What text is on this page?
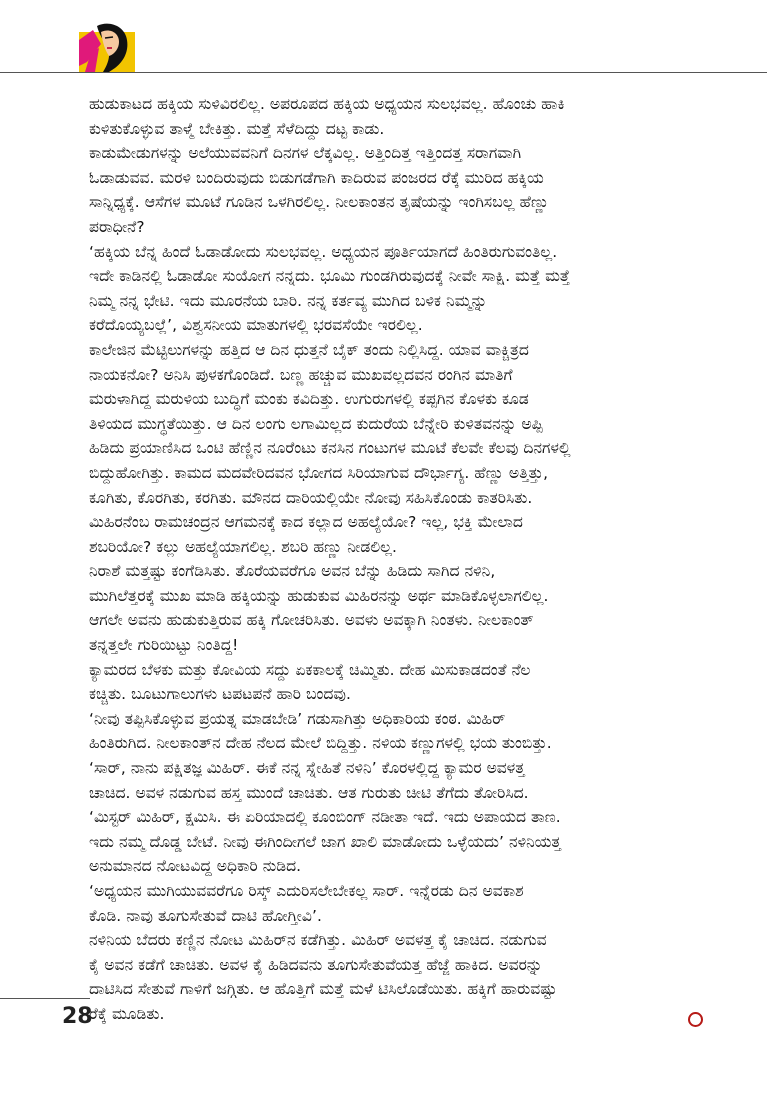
ಹುಡುಕಾಟದ ಹಕ್ಕಿಯ ಸುಳಿವಿರಲಿಲ್ಲ. ಅಪರೂಪದ ಹಕ್ಕಿಯ ಅಧ್ಯಯನ ಸುಲಭವಲ್ಲ. ಹೊಂಚು ಹಾಕಿ
ಕುಳಿತುಕೊಳ್ಳುವ ತಾಳ್ಮೆ ಬೇಕಿತ್ತು. ಮತ್ತೆ ಸೆಳೆದಿದ್ದು ದಟ್ಟ ಕಾಡು.

ಕಾಡುಮೇಡುಗಳನ್ನು ಅಲೆಯುವವನಿಗೆ ದಿನಗಳ ಲೆಕ್ಕವಿಲ್ಲ. ಅತ್ತಿಂದಿತ್ತ ಇತ್ತಿಂದತ್ತ ಸರಾಗವಾಗಿ
ಓಡಾಡುವವ. ಮರಳಿ ಬಂದಿರುವುದು ಬಿಡುಗಡೆಗಾಗಿ ಕಾದಿರುವ ಪಂಜರದ ರೆಕ್ಕೆ ಮುರಿದ ಹಕ್ಕಿಯ
ಸಾನ್ನಿಧ್ಯಕ್ಕೆ. ಆಸೆಗಳ ಮೂಟೆ ಗೂಡಿನ ಒಳಗಿರಲಿಲ್ಲ. ನೀಲಕಾಂತನ ತೃಷೆಯನ್ನು ಇಂಗಿಸಬಲ್ಲ ಹೆಣ್ಣು
ಪರಾಧೀನೆ?

‘ಹಕ್ಕಿಯ ಬೆನ್ನ ಹಿಂದೆ ಓಡಾಡೋದು ಸುಲಭವಲ್ಲ. ಅಧ್ಯಯನ ಪೂರ್ತಿಯಾಗದೆ ಹಿಂತಿರುಗುವಂತಿಲ್ಲ.
ಇದೇ ಕಾಡಿನಲ್ಲಿ ಓಡಾಡೋ ಸುಯೋಗ ನನ್ನದು. ಭೂಮಿ ಗುಂಡಗಿರುವುದಕ್ಕೆ ನೀವೇ ಸಾಕ್ಷಿ. ಮತ್ತೆ ಮತ್ತೆ
ನಿಮ್ಮ ನನ್ನ ಭೇಟಿ. ಇದು ಮೂರನೆಯ ಬಾರಿ. ನನ್ನ ಕರ್ತವ್ಯ ಮುಗಿದ ಬಳಿಕ ನಿಮ್ಮನ್ನು
ಕರೆದೊಯ್ಯಬಲ್ಲೆ’, ವಿಶ್ವಸನೀಯ ಮಾತುಗಳಲ್ಲಿ ಭರವಸೆಯೇ ಇರಲಿಲ್ಲ.

ಕಾಲೇಜಿನ ಮೆಟ್ಟಿಲುಗಳನ್ನು ಹತ್ತಿದ ಆ ದಿನ ಧುತ್ತನೆ ಬೈಕ್ ತಂದು ನಿಲ್ಲಿಸಿದ್ದ. ಯಾವ ವಾಕ್ಚಿತ್ರದ
ನಾಯಕನೋ? ಅನಿಸಿ ಪುಳಕಗೊಂಡಿದೆ. ಬಣ್ಣ ಹಚ್ಚುವ ಮುಖವಲ್ಲದವನ ರಂಗಿನ ಮಾತಿಗೆ
ಮರುಳಾಗಿದ್ದ ಮರುಳಿಯ ಬುದ್ಧಿಗೆ ಮಂಕು ಕವಿದಿತ್ತು. ಉಗುರುಗಳಲ್ಲಿ ಕಪ್ಪಗಿನ ಕೊಳಕು ಕೂಡ
ತಿಳಿಯದ ಮುಗ್ಧತೆಯಿತ್ತು. ಆ ದಿನ ಲಂಗು ಲಗಾಮಿಲ್ಲದ ಕುದುರೆಯ ಬೆನ್ನೇರಿ ಕುಳಿತವನನ್ನು ಅಪ್ಪಿ
ಹಿಡಿದು ಪ್ರಯಾಣಿಸಿದ ಒಂಟಿ ಹೆಣ್ಣಿನ ನೂರೆಂಟು ಕನಸಿನ ಗಂಟುಗಳ ಮೂಟೆ ಕೆಲವೇ ಕೆಲವು ದಿನಗಳಲ್ಲಿ
ಬಿದ್ದುಹೋಗಿತ್ತು. ಕಾಮದ ಮದವೇರಿದವನ ಭೋಗದ ಸಿರಿಯಾಗುವ ದೌರ್ಭಾಗ್ಯ. ಹೆಣ್ಣು ಅತ್ತಿತ್ತು,
ಕೂಗಿತು, ಕೊರಗಿತು, ಕರಗಿತು. ಮೌನದ ದಾರಿಯಲ್ಲಿಯೇ ನೋವು ಸಹಿಸಿಕೊಂಡು ಕಾತರಿಸಿತು.
ಮಿಹಿರನೆಂಬ ರಾಮಚಂದ್ರನ ಆಗಮನಕ್ಕೆ ಕಾದ ಕಲ್ಲಾದ ಅಹಲ್ಯೆಯೋ? ಇಲ್ಲ, ಭಕ್ತಿ ಮೇಲಾದ
ಶಬರಿಯೋ? ಕಲ್ಲು ಅಹಲ್ಯೆಯಾಗಲಿಲ್ಲ. ಶಬರಿ ಹಣ್ಣು ನೀಡಲಿಲ್ಲ.

ನಿರಾಶೆ ಮತ್ತಷ್ಟು ಕಂಗೆಡಿಸಿತು. ತೊರೆಯವರೆಗೂ ಅವನ ಬೆನ್ನು ಹಿಡಿದು ಸಾಗಿದ ನಳಿನಿ,
ಮುಗಿಲೆತ್ತರಕ್ಕೆ ಮುಖ ಮಾಡಿ ಹಕ್ಕಿಯನ್ನು ಹುಡುಕುವ ಮಿಹಿರನನ್ನು ಅರ್ಥ ಮಾಡಿಕೊಳ್ಳಲಾಗಲಿಲ್ಲ.

ಆಗಲೇ ಅವನು ಹುಡುಕುತ್ತಿರುವ ಹಕ್ಕಿ ಗೋಚರಿಸಿತು. ಅವಳು ಅವಕ್ಕಾಗಿ ನಿಂತಳು. ನೀಲಕಾಂತ್
ತನ್ನತ್ತಲೇ ಗುರಿಯಿಟ್ಟು ನಿಂತಿದ್ದ!

ಕ್ಯಾಮರದ ಬೆಳಕು ಮತ್ತು ಕೋವಿಯ ಸದ್ದು ಏಕಕಾಲಕ್ಕೆ ಚಿಮ್ಮಿತು. ದೇಹ ಮಿಸುಕಾಡದಂತೆ ನೆಲ
ಕಚ್ಚಿತು. ಬೂಟುಗಾಲುಗಳು ಟಪಟಪನೆ ಹಾರಿ ಬಂದವು.

‘ನೀವು ತಪ್ಪಿಸಿಕೊಳ್ಳುವ ಪ್ರಯತ್ನ ಮಾಡಬೇಡಿ’ ಗಡುಸಾಗಿತ್ತು ಅಧಿಕಾರಿಯ ಕಂಠ. ಮಿಹಿರ್
ಹಿಂತಿರುಗಿದ. ನೀಲಕಾಂತ್‌ನ ದೇಹ ನೆಲದ ಮೇಲೆ ಬಿದ್ದಿತ್ತು. ನಳಿಯ ಕಣ್ಣುಗಳಲ್ಲಿ ಭಯ ತುಂಬಿತ್ತು.

‘ಸಾರ್, ನಾನು ಪಕ್ಷಿತಜ್ಞ ಮಿಹಿರ್. ಈಕೆ ನನ್ನ ಸ್ನೇಹಿತೆ ನಳಿನಿ’ ಕೊರಳಲ್ಲಿದ್ದ ಕ್ಯಾಮರ ಅವಳತ್ತ
ಚಾಚಿದ. ಅವಳ ನಡುಗುವ ಹಸ್ತ ಮುಂದೆ ಚಾಚಿತು. ಆತ ಗುರುತು ಚೀಟಿ ತೆಗೆದು ತೋರಿಸಿದ.

‘ಮಿಸ್ಟರ್ ಮಿಹಿರ್, ಕ್ಷಮಿಸಿ. ಈ ಏರಿಯಾದಲ್ಲಿ ಕೂಂಬಿಂಗ್ ನಡೀತಾ ಇದೆ. ಇದು ಅಪಾಯದ ತಾಣ.
ಇದು ನಮ್ಮ ದೊಡ್ಡ ಬೇಟೆ. ನೀವು ಈಗಿಂದೀಗಲೆ ಜಾಗ ಖಾಲಿ ಮಾಡೋದು ಒಳ್ಳೆಯದು’ ನಳಿನಿಯತ್ತ
ಅನುಮಾನದ ನೋಟವಿದ್ದ ಅಧಿಕಾರಿ ನುಡಿದ.

‘ಅಧ್ಯಯನ ಮುಗಿಯುವವರೆಗೂ ರಿಸ್ಕ್ ಎದುರಿಸಲೇಬೇಕಲ್ಲ ಸಾರ್. ಇನ್ನೆರಡು ದಿನ ಅವಕಾಶ
ಕೊಡಿ. ನಾವು ತೂಗುಸೇತುವೆ ದಾಟಿ ಹೋಗ್ತೀವಿ’.

ನಳಿನಿಯ ಬೆದರು ಕಣ್ಣಿನ ನೋಟ ಮಿಹಿರ್‌ನ ಕಡೆಗಿತ್ತು. ಮಿಹಿರ್ ಅವಳತ್ತ ಕೈ ಚಾಚಿದ. ನಡುಗುವ
ಕೈ ಅವನ ಕಡೆಗೆ ಚಾಚಿತು. ಅವಳ ಕೈ ಹಿಡಿದವನು ತೂಗುಸೇತುವೆಯತ್ತ ಹೆಜ್ಜೆ ಹಾಕಿದ. ಅವರನ್ನು
ದಾಟಿಸಿದ ಸೇತುವೆ ಗಾಳಿಗೆ ಜಗ್ಗಿತು. ಆ ಹೊತ್ತಿಗೆ ಮತ್ತೆ ಮಳೆ ಟಿಸಿಲೊಡೆಯಿತು. ಹಕ್ಕಿಗೆ ಹಾರುವಷ್ಟು
ರೆಕ್ಕೆ ಮೂಡಿತು.

28
